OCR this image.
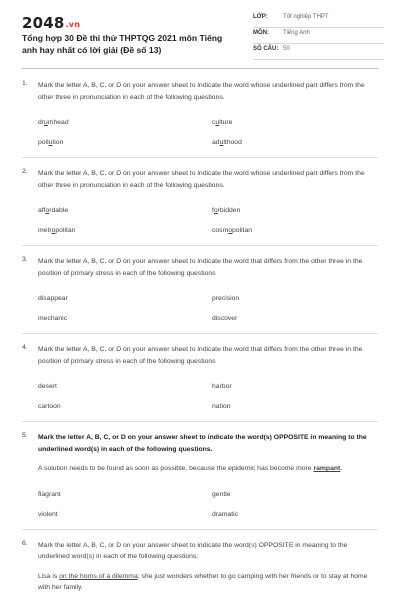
2048.vn
Tổng hợp 30 Đề thi thử THPTQG 2021 môn Tiếng anh hay nhất có lời giải (Đề số 13)
LỚP:	Tốt nghiệp THPT
MÔN:	Tiếng Anh
SỐ CÂU: 50
1. Mark the letter A, B, C, or D on your answer sheet to indicate the word whose underlined part differs from the other three in pronunciation in each of the following questions.
drumhead	culture
pollution	adulthood
2. Mark the letter A, B, C, or D on your answer sheet to indicate the word whose underlined part differs from the other three in pronunciation in each of the following questions.
affordable	forbidden
metropolitan	cosmopolitan
3. Mark the letter A, B, C, or D on your answer sheet to indicate the word that differs from the other three in the position of primary stress in each of the following questions
disappear	precision
mechanic	discover
4. Mark the letter A, B, C, or D on your answer sheet to indicate the word that differs from the other three in the position of primary stress in each of the following questions
desert	harbor
cartoon	nation
5. Mark the letter A, B, C, or D on your answer sheet to indicate the word(s) OPPOSITE in meaning to the underlined word(s) in each of the following questions.
A solution needs to be found as soon as possible, because the epidemic has become more rampant.
flagrant	gentle
violent	dramatic
6. Mark the letter A, B, C, or D on your answer sheet to indicate the word(s) OPPOSITE in meaning to the underlined word(s) in each of the following questions:
Lisa is on the horns of a dilemma: she just wonders whether to go camping with her friends or to stay at home with her family.
